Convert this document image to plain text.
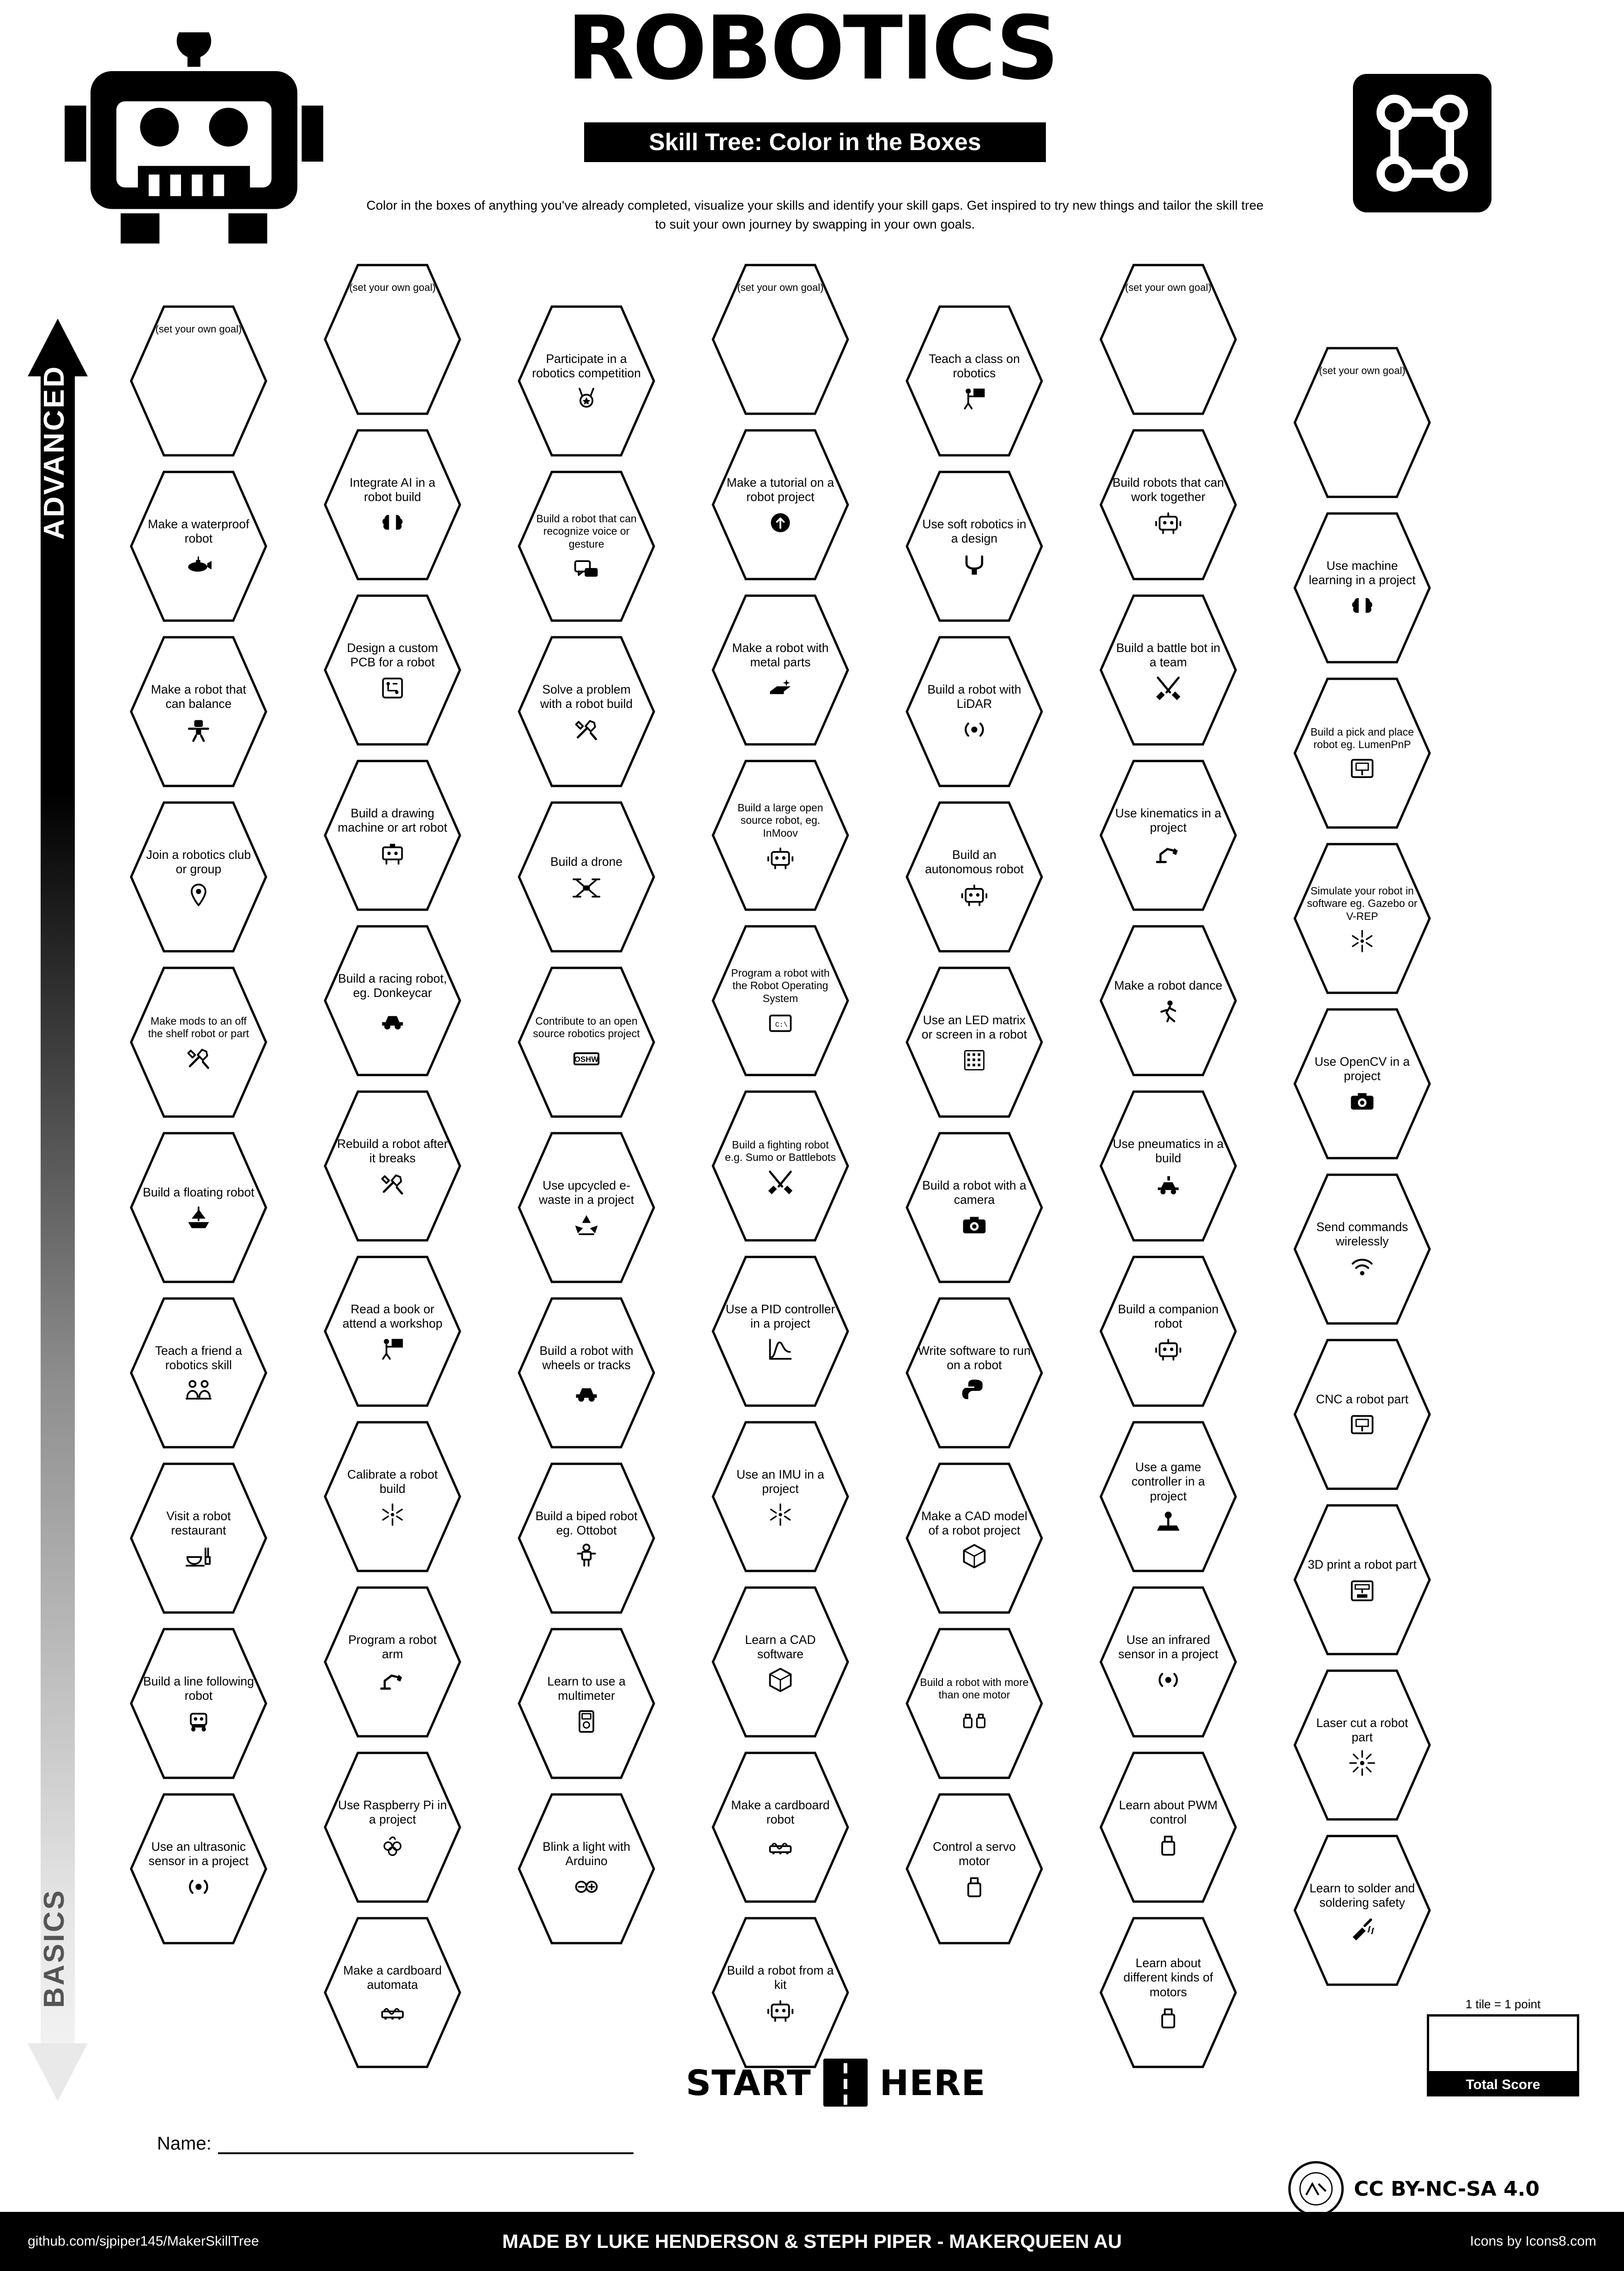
ROBOTICS
Skill Tree: Color in the Boxes
Color in the boxes of anything you've already completed, visualize your skills and identify your skill gaps. Get inspired to try new things and tailor the skill tree to suit your own journey by swapping in your own goals.
ADVANCED
BASICS
(set your own goal)
Make a waterproof robot
Make a robot that can balance
Join a robotics club or group
Make mods to an off the shelf robot or part
Build a floating robot
Teach a friend a robotics skill
Visit a robot restaurant
Build a line following robot
Use an ultrasonic sensor in a project
(set your own goal)
Integrate AI in a robot build
Design a custom PCB for a robot
Build a drawing machine or art robot
Build a racing robot, eg. Donkeycar
Rebuild a robot after it breaks
Read a book or attend a workshop
Calibrate a robot build
Program a robot arm
Use Raspberry Pi in a project
Make a cardboard automata
Participate in a robotics competition
Build a robot that can recognize voice or gesture
Solve a problem with a robot build
Build a drone
Contribute to an open source robotics project
OSHW
Use upcycled e-waste in a project
Build a robot with wheels or tracks
Build a biped robot eg. Ottobot
Learn to use a multimeter
Blink a light with Arduino
(set your own goal)
Make a tutorial on a robot project
Make a robot with metal parts
Build a large open source robot, eg. InMoov
Program a robot with the Robot Operating System
C:\
Build a fighting robot e.g. Sumo or Battlebots
Use a PID controller in a project
Use an IMU in a project
Learn a CAD software
Make a cardboard robot
Build a robot from a kit
Teach a class on robotics
Use soft robotics in a design
Build a robot with LiDAR
Build an autonomous robot
Use an LED matrix or screen in a robot
Build a robot with a camera
Write software to run on a robot
Make a CAD model of a robot project
Build a robot with more than one motor
Control a servo motor
(set your own goal)
Build robots that can work together
Build a battle bot in a team
Use kinematics in a project
Make a robot dance
Use pneumatics in a build
Build a companion robot
Use a game controller in a project
Use an infrared sensor in a project
Learn about PWM control
Learn about different kinds of motors
(set your own goal)
Use machine learning in a project
Build a pick and place robot eg. LumenPnP
Simulate your robot in software eg. Gazebo or V-REP
Use OpenCV in a project
Send commands wirelessly
CNC a robot part
3D print a robot part
Laser cut a robot part
Learn to solder and soldering safety
START HERE
1 tile = 1 point
Total Score
Name:
CC BY-NC-SA 4.0
github.com/sjpiper145/MakerSkillTree	MADE BY LUKE HENDERSON & STEPH PIPER - MAKERQUEEN AU	Icons by Icons8.com
